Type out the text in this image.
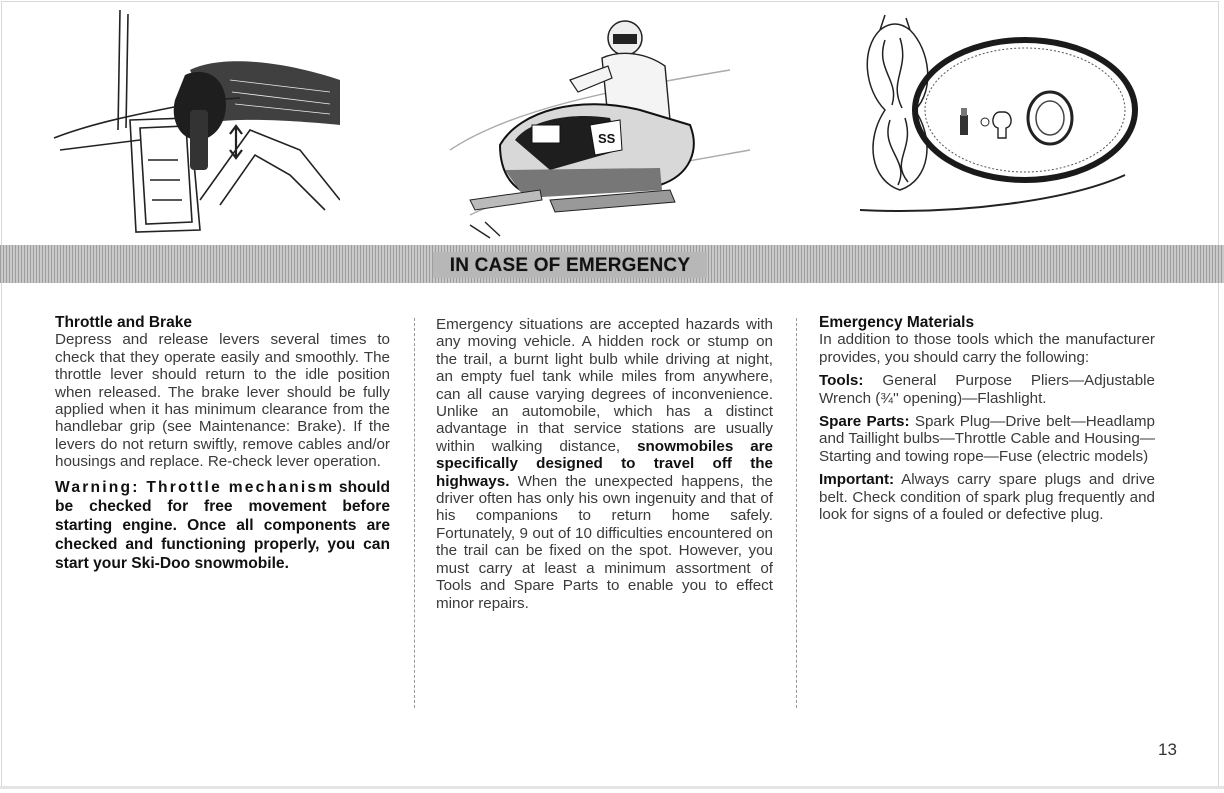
SS
IN CASE OF EMERGENCY

Throttle and Brake

Depress and release levers several times to check that they operate easily and smoothly. The throttle lever should return to the idle position when released. The brake lever should be fully applied when it has minimum clearance from the handlebar grip (see Maintenance: Brake). If the levers do not return swiftly, remove cables and/or housings and replace. Re-check lever operation.

Warning: Throttle mechanism should be checked for free movement before starting engine. Once all components are checked and functioning properly, you can start your Ski-Doo snowmobile.

Emergency situations are accepted hazards with any moving vehicle. A hidden rock or stump on the trail, a burnt light bulb while driving at night, an empty fuel tank while miles from anywhere, can all cause varying degrees of inconvenience. Unlike an automobile, which has a distinct advantage in that service stations are usually within walking distance, snowmobiles are specifically designed to travel off the highways. When the unexpected happens, the driver often has only his own ingenuity and that of his companions to return home safely. Fortunately, 9 out of 10 difficulties encountered on the trail can be fixed on the spot. However, you must carry at least a minimum assortment of Tools and Spare Parts to enable you to effect minor repairs.

Emergency Materials

In addition to those tools which the manufacturer provides, you should carry the following:

Tools: General Purpose Pliers—Adjustable Wrench (¾'' opening)—Flashlight.

Spare Parts: Spark Plug—Drive belt—Headlamp and Taillight bulbs—Throttle Cable and Housing—Starting and towing rope—Fuse (electric models)

Important: Always carry spare plugs and drive belt. Check condition of spark plug frequently and look for signs of a fouled or defective plug.

13
